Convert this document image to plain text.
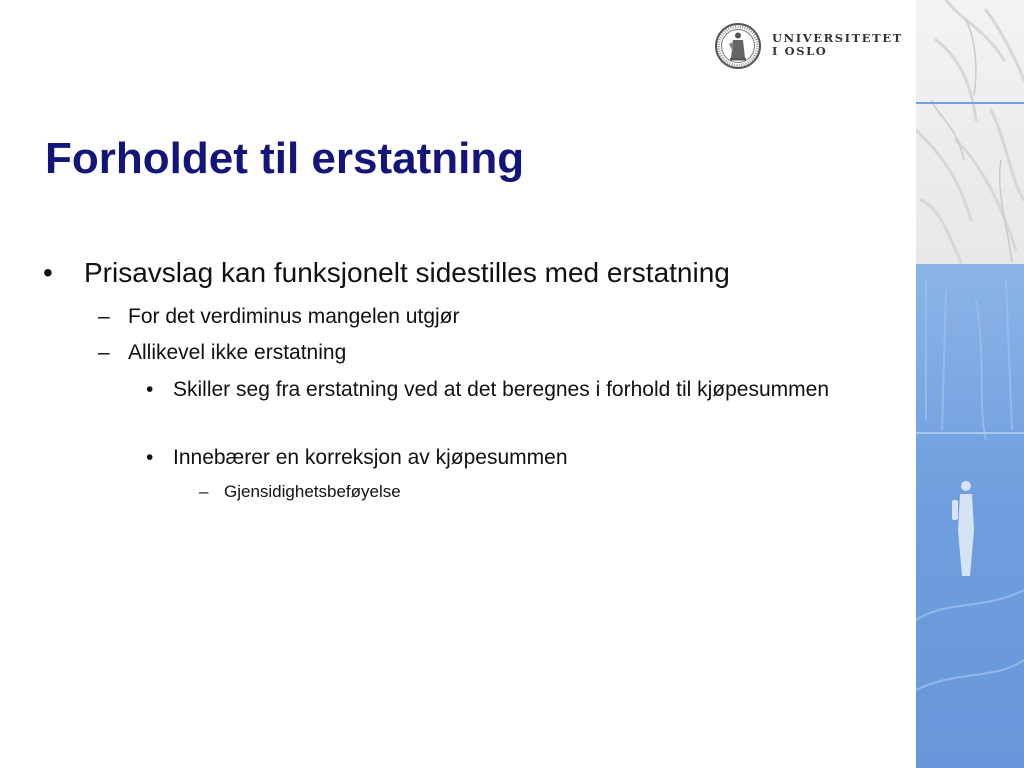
UNIVERSITETET
I OSLO
Forholdet til erstatning
• Prisavslag kan funksjonelt sidestilles med erstatning
– For det verdiminus mangelen utgjør
– Allikevel ikke erstatning
• Skiller seg fra erstatning ved at det beregnes i forhold til kjøpesummen
• Innebærer en korreksjon av kjøpesummen
– Gjensidighetsbeføyelse
